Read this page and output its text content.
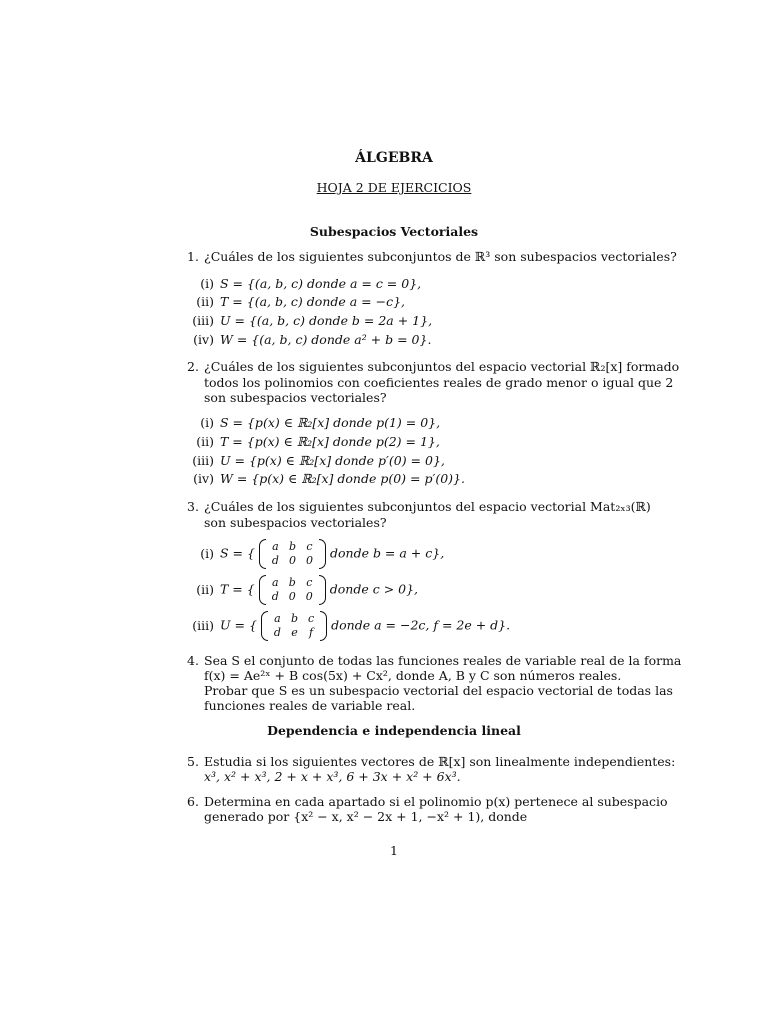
ÁLGEBRA
HOJA 2 DE EJERCICIOS
Subespacios Vectoriales
1. ¿Cuáles de los siguientes subconjuntos de ℝ³ son subespacios vectoriales?
(i) S = {(a, b, c) donde a = c = 0},
(ii) T = {(a, b, c) donde a = −c},
(iii) U = {(a, b, c) donde b = 2a + 1},
(iv) W = {(a, b, c) donde a² + b = 0}.
2. ¿Cuáles de los siguientes subconjuntos del espacio vectorial ℝ₂[x] formado
todos los polinomios con coeficientes reales de grado menor o igual que 2
son subespacios vectoriales?
(i) S = {p(x) ∈ ℝ₂[x] donde p(1) = 0},
(ii) T = {p(x) ∈ ℝ₂[x] donde p(2) = 1},
(iii) U = {p(x) ∈ ℝ₂[x] donde p′(0) = 0},
(iv) W = {p(x) ∈ ℝ₂[x] donde p(0) = p′(0)}.
3. ¿Cuáles de los siguientes subconjuntos del espacio vectorial Mat₂ₓ₃(ℝ)
son subespacios vectoriales?
(i) S = { a	b	c
d	0	0 donde b = a + c},
(ii) T = { a	b	c
d	0	0 donde c > 0},
(iii) U = { a	b	c
d	e	f donde a = −2c, f = 2e + d}.
4. Sea S el conjunto de todas las funciones reales de variable real de la forma
f(x) = Ae²ˣ + B cos(5x) + Cx², donde A, B y C son números reales.
Probar que S es un subespacio vectorial del espacio vectorial de todas las
funciones reales de variable real.
Dependencia e independencia lineal
5. Estudia si los siguientes vectores de ℝ[x] son linealmente independientes:
x³, x² + x³, 2 + x + x³, 6 + 3x + x² + 6x³.
6. Determina en cada apartado si el polinomio p(x) pertenece al subespacio
generado por {x² − x, x² − 2x + 1, −x² + 1), donde
1
